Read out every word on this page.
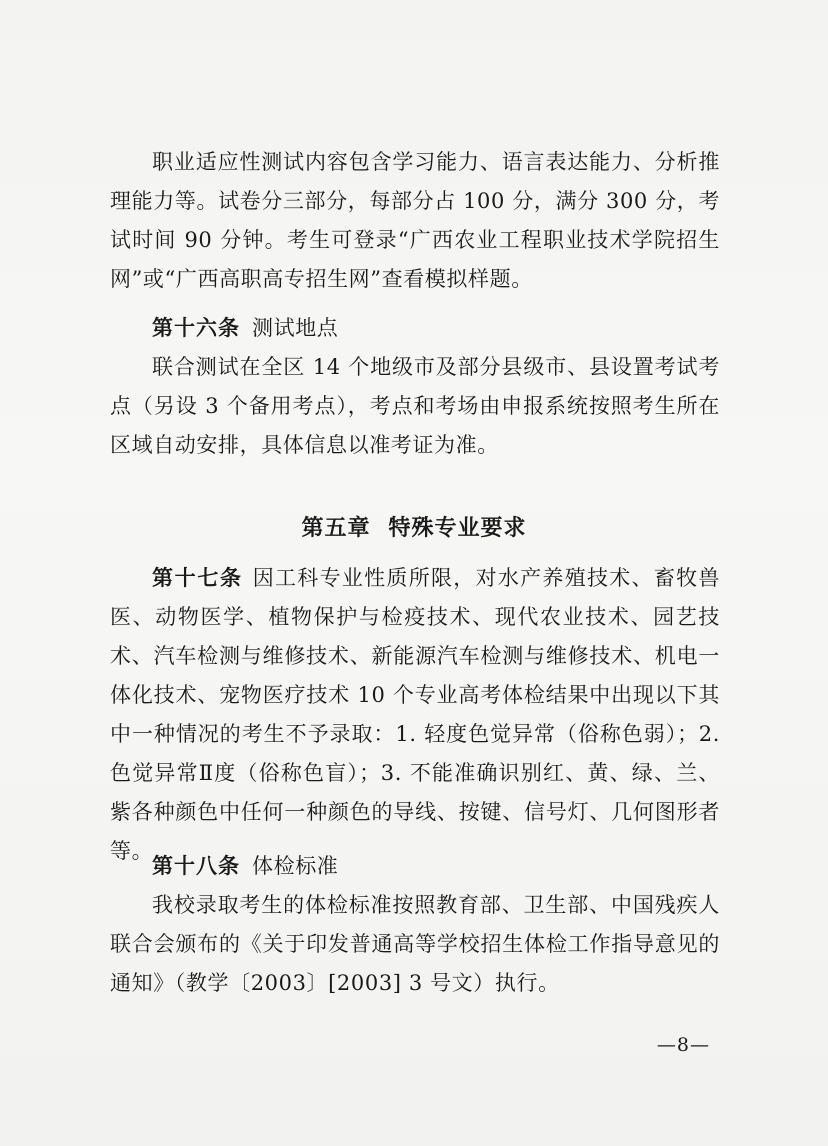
职业适应性测试内容包含学习能力、语言表达能力、分析推理能力等。试卷分三部分，每部分占 100 分，满分 300 分，考试时间 90 分钟。考生可登录“广西农业工程职业技术学院招生网”或“广西高职高专招生网”查看模拟样题。

第十六条 测试地点

联合测试在全区 14 个地级市及部分县级市、县设置考试考点（另设 3 个备用考点），考点和考场由申报系统按照考生所在区域自动安排，具体信息以准考证为准。

第五章 特殊专业要求

第十七条 因工科专业性质所限，对水产养殖技术、畜牧兽医、动物医学、植物保护与检疫技术、现代农业技术、园艺技术、汽车检测与维修技术、新能源汽车检测与维修技术、机电一体化技术、宠物医疗技术 10 个专业高考体检结果中出现以下其中一种情况的考生不予录取：1. 轻度色觉异常（俗称色弱）；2. 色觉异常Ⅱ度（俗称色盲）；3. 不能准确识别红、黄、绿、兰、紫各种颜色中任何一种颜色的导线、按键、信号灯、几何图形者等。

第十八条 体检标准

我校录取考生的体检标准按照教育部、卫生部、中国残疾人联合会颁布的《关于印发普通高等学校招生体检工作指导意见的通知》（教学〔2003〕[2003] 3 号文）执行。

—8—
